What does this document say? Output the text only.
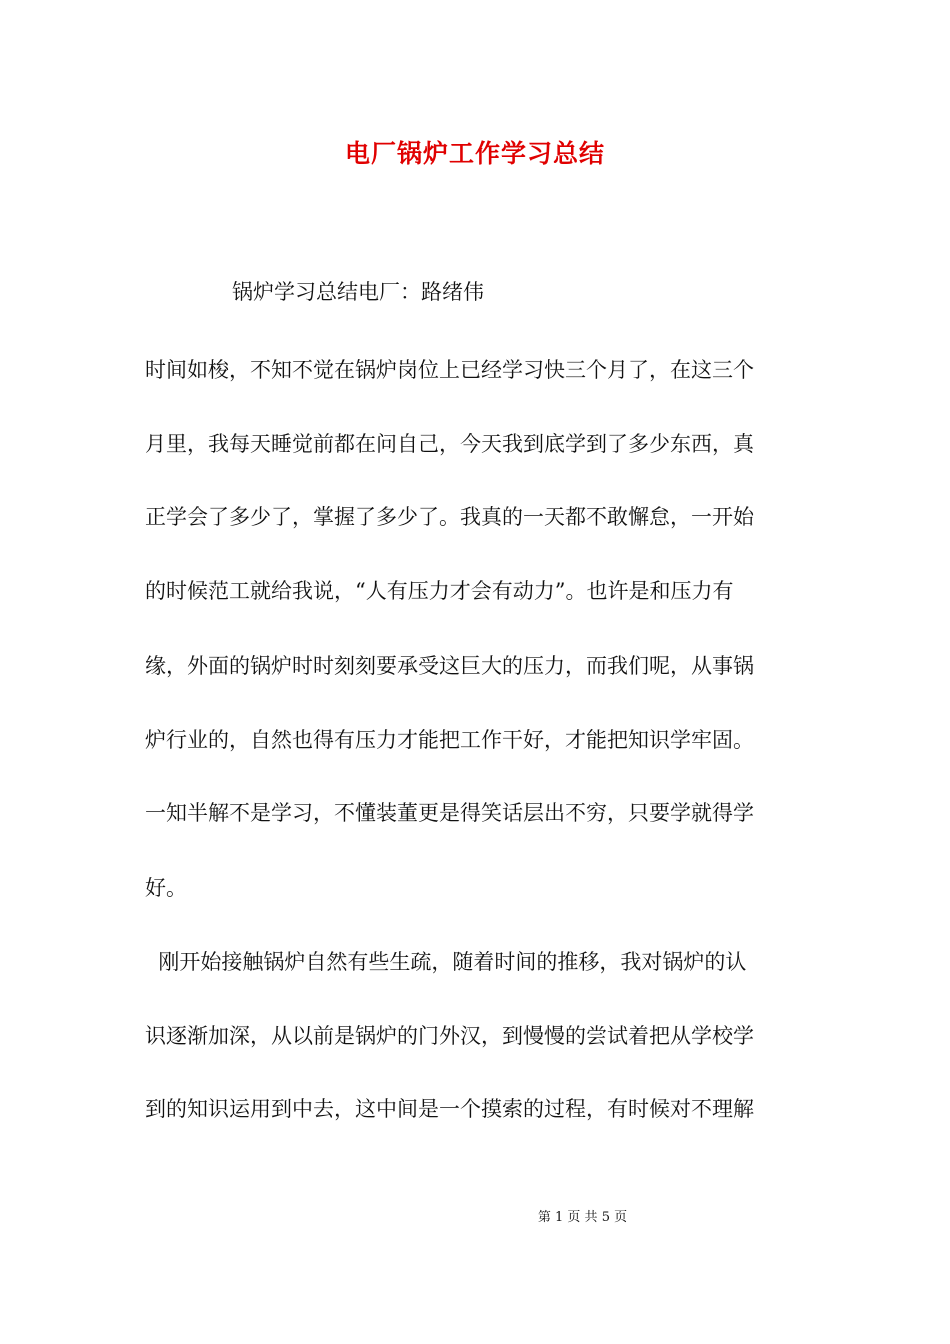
电厂锅炉工作学习总结
锅炉学习总结电厂：路绪伟
时间如梭，不知不觉在锅炉岗位上已经学习快三个月了，在这三个
月里，我每天睡觉前都在问自己，今天我到底学到了多少东西，真
正学会了多少了，掌握了多少了。我真的一天都不敢懈怠，一开始
的时候范工就给我说，“人有压力才会有动力”。也许是和压力有
缘，外面的锅炉时时刻刻要承受这巨大的压力，而我们呢，从事锅
炉行业的，自然也得有压力才能把工作干好，才能把知识学牢固。
一知半解不是学习，不懂装董更是得笑话层出不穷，只要学就得学
好。
刚开始接触锅炉自然有些生疏，随着时间的推移，我对锅炉的认
识逐渐加深，从以前是锅炉的门外汉，到慢慢的尝试着把从学校学
到的知识运用到中去，这中间是一个摸索的过程，有时候对不理解
第 1 页 共 5 页
